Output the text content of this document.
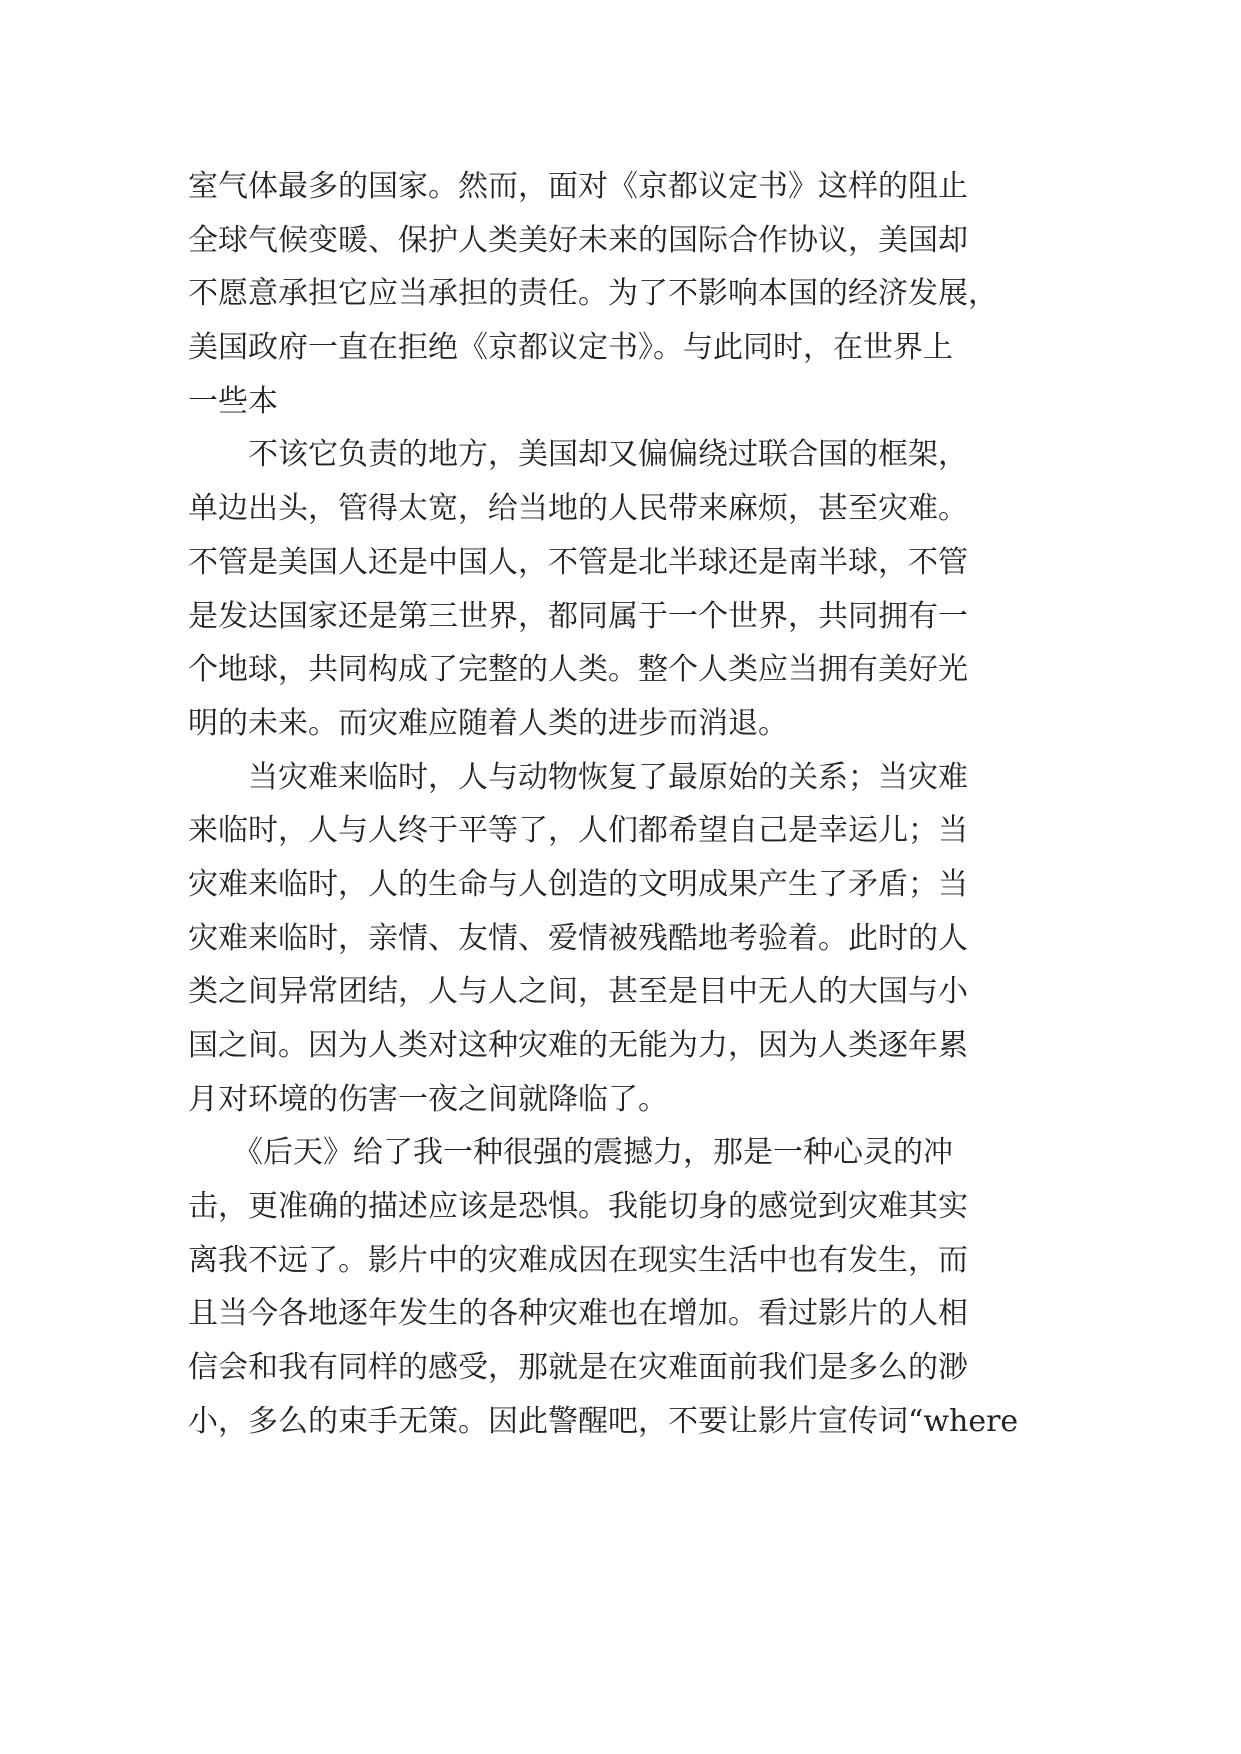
室气体最多的国家。然而，面对《京都议定书》这样的阻止
全球气候变暖、保护人类美好未来的国际合作协议，美国却
不愿意承担它应当承担的责任。为了不影响本国的经济发展，
美国政府一直在拒绝《京都议定书》。与此同时，在世界上
一些本
　　不该它负责的地方，美国却又偏偏绕过联合国的框架，
单边出头，管得太宽，给当地的人民带来麻烦，甚至灾难。
不管是美国人还是中国人，不管是北半球还是南半球，不管
是发达国家还是第三世界，都同属于一个世界，共同拥有一
个地球，共同构成了完整的人类。整个人类应当拥有美好光
明的未来。而灾难应随着人类的进步而消退。
　　当灾难来临时，人与动物恢复了最原始的关系；当灾难
来临时，人与人终于平等了，人们都希望自己是幸运儿；当
灾难来临时，人的生命与人创造的文明成果产生了矛盾；当
灾难来临时，亲情、友情、爱情被残酷地考验着。此时的人
类之间异常团结，人与人之间，甚至是目中无人的大国与小
国之间。因为人类对这种灾难的无能为力，因为人类逐年累
月对环境的伤害一夜之间就降临了。
　　《后天》给了我一种很强的震撼力，那是一种心灵的冲
击，更准确的描述应该是恐惧。我能切身的感觉到灾难其实
离我不远了。影片中的灾难成因在现实生活中也有发生，而
且当今各地逐年发生的各种灾难也在增加。看过影片的人相
信会和我有同样的感受，那就是在灾难面前我们是多么的渺
小，多么的束手无策。因此警醒吧，不要让影片宣传词“where
